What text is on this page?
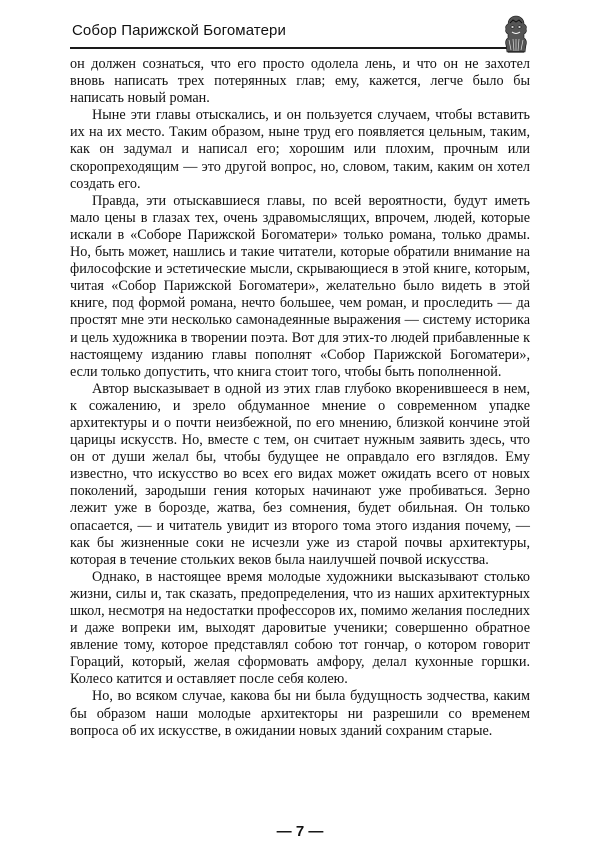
Собор Парижской Богоматери

он должен сознаться, что его просто одолела лень, и что он не захотел вновь написать трех потерянных глав; ему, кажется, легче было бы написать новый роман.

Ныне эти главы отыскались, и он пользуется случаем, чтобы вставить их на их место. Таким образом, ныне труд его появляется цельным, таким, как он задумал и написал его; хорошим или плохим, прочным или скоропреходящим — это другой вопрос, но, словом, таким, каким он хотел создать его.

Правда, эти отыскавшиеся главы, по всей вероятности, будут иметь мало цены в глазах тех, очень здравомыслящих, впрочем, людей, которые искали в «Соборе Парижской Богоматери» только романа, только драмы. Но, быть может, нашлись и такие читатели, которые обратили внимание на философские и эстетические мысли, скрывающиеся в этой книге, которым, читая «Собор Парижской Богоматери», желательно было видеть в этой книге, под формой романа, нечто большее, чем роман, и проследить — да простят мне эти несколько самонадеянные выражения — систему историка и цель художника в творении поэта. Вот для этих-то людей прибавленные к настоящему изданию главы пополнят «Собор Парижской Богоматери», если только допустить, что книга стоит того, чтобы быть пополненной.

Автор высказывает в одной из этих глав глубоко вкоренившееся в нем, к сожалению, и зрело обдуманное мнение о современном упадке архитектуры и о почти неизбежной, по его мнению, близкой кончине этой царицы искусств. Но, вместе с тем, он считает нужным заявить здесь, что он от души желал бы, чтобы будущее не оправдало его взглядов. Ему известно, что искусство во всех его видах может ожидать всего от новых поколений, зародыши гения которых начинают уже пробиваться. Зерно лежит уже в борозде, жатва, без сомнения, будет обильная. Он только опасается, — и читатель увидит из второго тома этого издания почему, — как бы жизненные соки не исчезли уже из старой почвы архитектуры, которая в течение стольких веков была наилучшей почвой искусства.

Однако, в настоящее время молодые художники высказывают столько жизни, силы и, так сказать, предопределения, что из наших архитектурных школ, несмотря на недостатки профессоров их, помимо желания последних и даже вопреки им, выходят даровитые ученики; совершенно обратное явление тому, которое представлял собою тот гончар, о котором говорит Гораций, который, желая сформовать амфору, делал кухонные горшки. Колесо катится и оставляет после себя колею.

Но, во всяком случае, какова бы ни была будущность зодчества, каким бы образом наши молодые архитекторы ни разрешили со временем вопроса об их искусстве, в ожидании новых зданий сохраним старые.

— 7 —
